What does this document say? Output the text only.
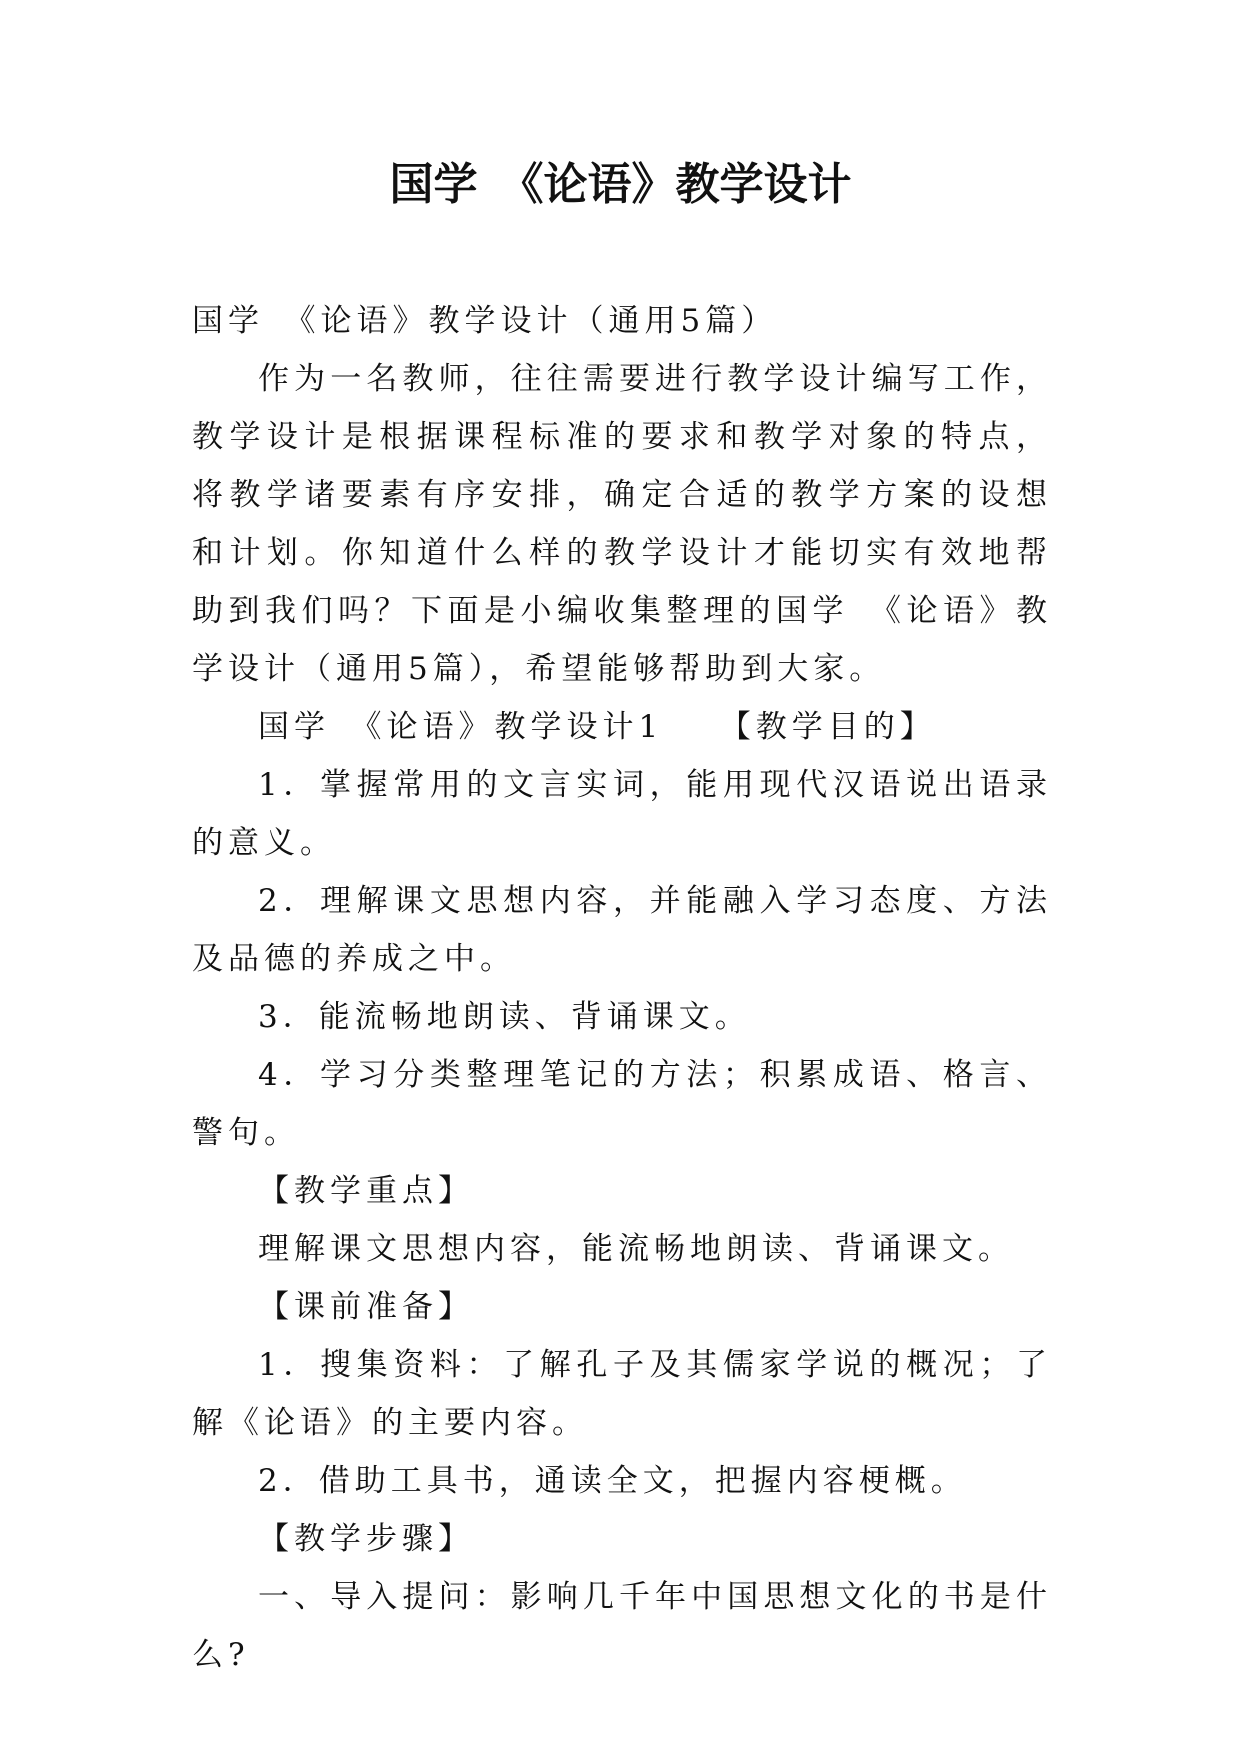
国学　《论语》教学设计

国学　《论语》教学设计（通用5篇）

作为一名教师，往往需要进行教学设计编写工作，教学设计是根据课程标准的要求和教学对象的特点，将教学诸要素有序安排，确定合适的教学方案的设想和计划。你知道什么样的教学设计才能切实有效地帮助到我们吗？下面是小编收集整理的国学　《论语》教学设计（通用5篇），希望能够帮助到大家。

国学　《论语》教学设计1　　【教学目的】

1．掌握常用的文言实词，能用现代汉语说出语录的意义。

2．理解课文思想内容，并能融入学习态度、方法及品德的养成之中。

3．能流畅地朗读、背诵课文。

4．学习分类整理笔记的方法；积累成语、格言、警句。

【教学重点】

理解课文思想内容，能流畅地朗读、背诵课文。

【课前准备】

1．搜集资料：了解孔子及其儒家学说的概况；了解《论语》的主要内容。

2．借助工具书，通读全文，把握内容梗概。

【教学步骤】

一、导入提问：影响几千年中国思想文化的书是什么?
